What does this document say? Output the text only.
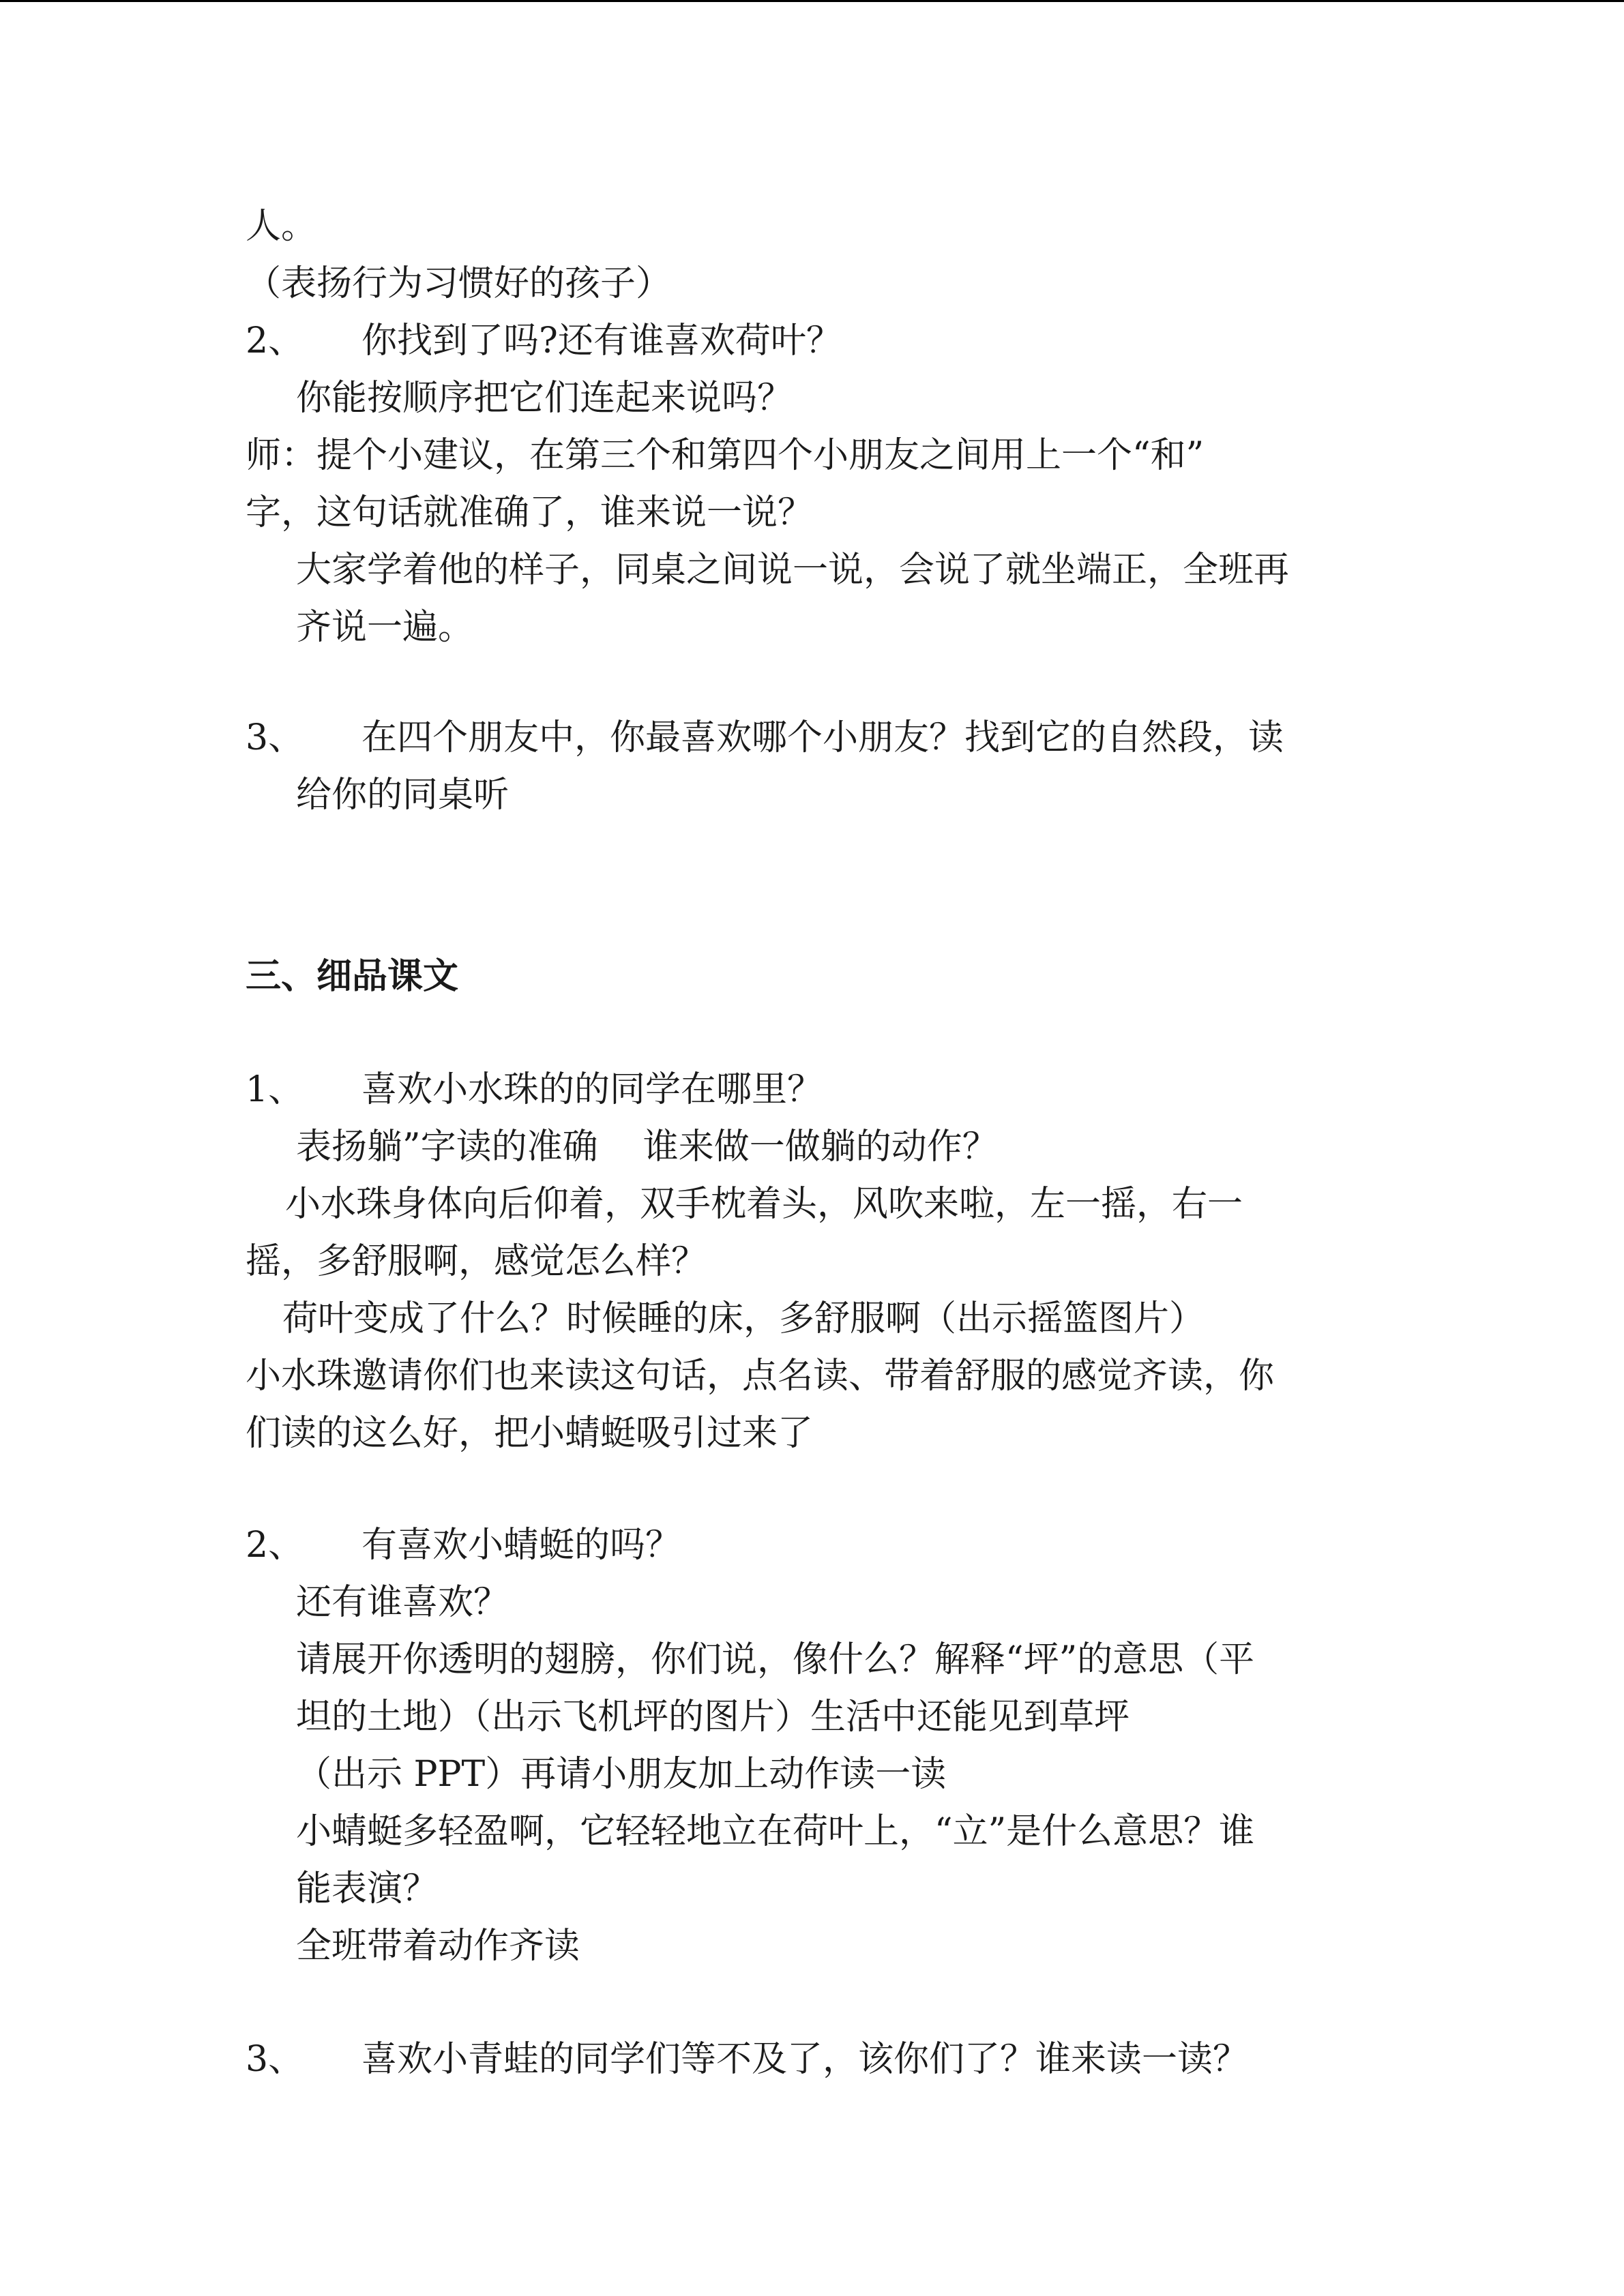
人。
（表扬行为习惯好的孩子）
2、 你找到了吗?还有谁喜欢荷叶？
你能按顺序把它们连起来说吗？
师：提个小建议，在第三个和第四个小朋友之间用上一个“和”
字，这句话就准确了，谁来说一说？
大家学着他的样子，同桌之间说一说，会说了就坐端正，全班再
齐说一遍。
3、 在四个朋友中，你最喜欢哪个小朋友？找到它的自然段，读
给你的同桌听
三、细品课文
1、 喜欢小水珠的的同学在哪里？
表扬躺”字读的准确    谁来做一做躺的动作？
小水珠身体向后仰着，双手枕着头，风吹来啦，左一摇，右一
摇，多舒服啊，感觉怎么样？
荷叶变成了什么？时候睡的床，多舒服啊（出示摇篮图片）
小水珠邀请你们也来读这句话，点名读、带着舒服的感觉齐读，你
们读的这么好，把小蜻蜓吸引过来了
2、 有喜欢小蜻蜓的吗？
还有谁喜欢？
请展开你透明的翅膀，你们说，像什么？解释“坪”的意思（平
坦的土地）（出示飞机坪的图片）生活中还能见到草坪
（出示 PPT）再请小朋友加上动作读一读
小蜻蜓多轻盈啊，它轻轻地立在荷叶上，“立”是什么意思？谁
能表演？
全班带着动作齐读
3、 喜欢小青蛙的同学们等不及了，该你们了？谁来读一读？
